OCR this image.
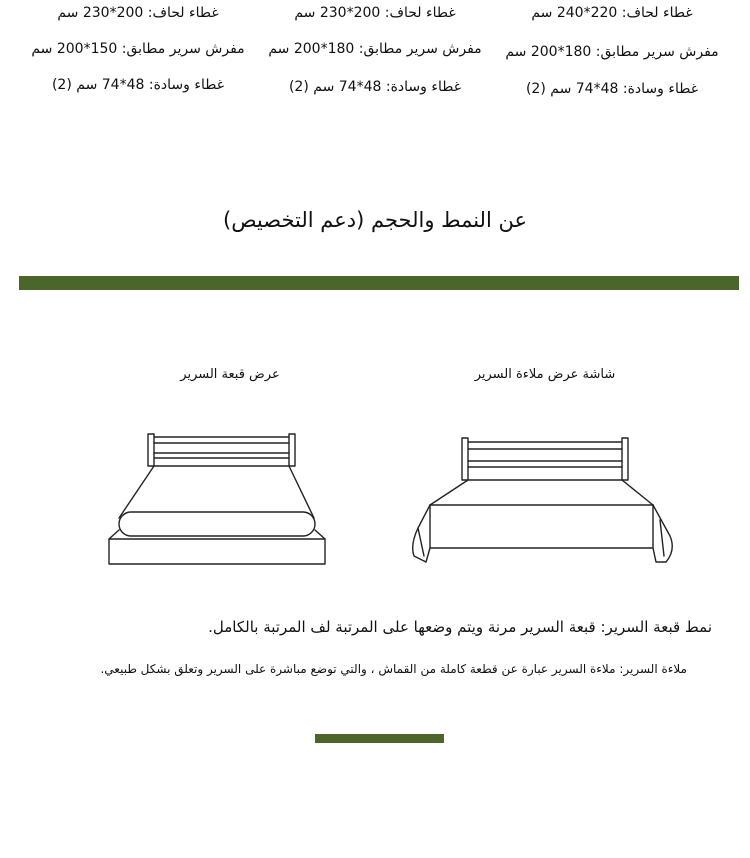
غطاء لحاف: 220*240 سم
مفرش سرير مطابق: 180*200 سم
غطاء وسادة: 48*74 سم (2)
غطاء لحاف: 200*230 سم
مفرش سرير مطابق: 180*200 سم
غطاء وسادة: 48*74 سم (2)
غطاء لحاف: 200*230 سم
مفرش سرير مطابق: 150*200 سم
غطاء وسادة: 48*74 سم (2)
عن النمط والحجم (دعم التخصيص)
شاشة عرض ملاءة السرير
عرض قبعة السرير
نمط قبعة السرير: قبعة السرير مرنة ويتم وضعها على المرتبة لف المرتبة بالكامل.
ملاءة السرير: ملاءة السرير عبارة عن قطعة كاملة من القماش ، والتي توضع مباشرة على السرير وتعلق بشكل طبيعي.
